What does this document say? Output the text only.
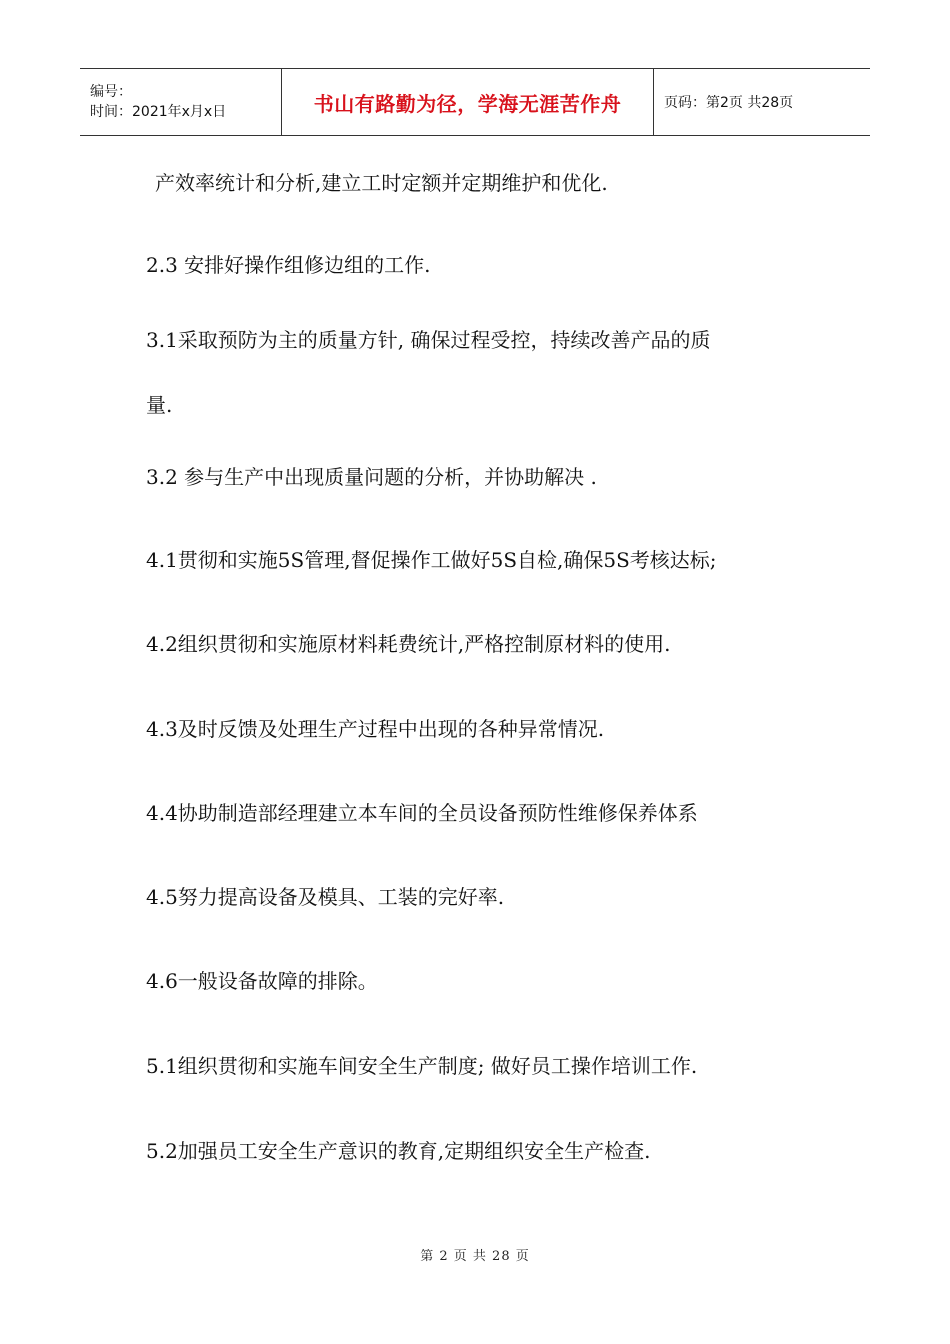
编号：
时间：2021年x月x日	书山有路勤为径，学海无涯苦作舟	页码：第2页 共28页
产效率统计和分析,建立工时定额并定期维护和优化.
2.3 安排好操作组修边组的工作.
3.1采取预防为主的质量方针, 确保过程受控，持续改善产品的质
量.
3.2 参与生产中出现质量问题的分析，并协助解决 .
4.1贯彻和实施5S管理,督促操作工做好5S自检,确保5S考核达标;
4.2组织贯彻和实施原材料耗费统计,严格控制原材料的使用.
4.3及时反馈及处理生产过程中出现的各种异常情况.
4.4协助制造部经理建立本车间的全员设备预防性维修保养体系
4.5努力提高设备及模具、工装的完好率.
4.6一般设备故障的排除。
5.1组织贯彻和实施车间安全生产制度; 做好员工操作培训工作.
5.2加强员工安全生产意识的教育,定期组织安全生产检查.
第 2 页 共 28 页
